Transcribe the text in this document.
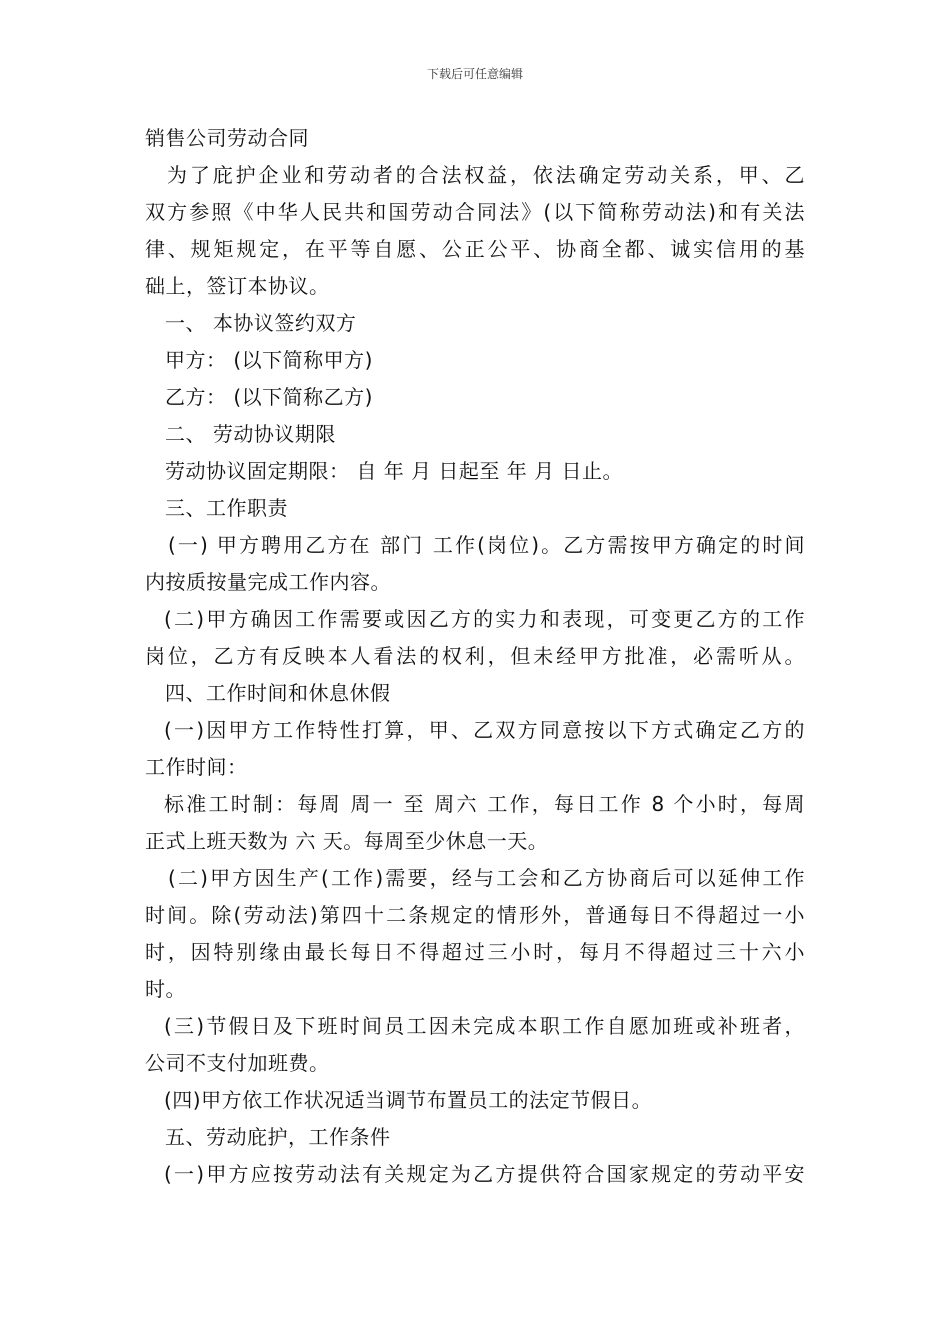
下载后可任意编辑
销售公司劳动合同
为了庇护企业和劳动者的合法权益，依法确定劳动关系，甲、乙
双方参照《中华人民共和国劳动合同法》(以下简称劳动法)和有关法
律、规矩规定，在平等自愿、公正公平、协商全都、诚实信用的基
础上，签订本协议。
一、 本协议签约双方
甲方： (以下简称甲方)
乙方： (以下简称乙方)
二、 劳动协议期限
劳动协议固定期限： 自 年 月 日起至 年 月 日止。
三、工作职责
(一) 甲方聘用乙方在 部门 工作(岗位)。乙方需按甲方确定的时间
内按质按量完成工作内容。
(二)甲方确因工作需要或因乙方的实力和表现，可变更乙方的工作
岗位，乙方有反映本人看法的权利，但未经甲方批准，必需听从。
四、工作时间和休息休假
(一)因甲方工作特性打算，甲、乙双方同意按以下方式确定乙方的
工作时间：
标准工时制：每周 周一 至 周六 工作，每日工作 8 个小时，每周
正式上班天数为 六 天。每周至少休息一天。
(二)甲方因生产(工作)需要，经与工会和乙方协商后可以延伸工作
时间。除(劳动法)第四十二条规定的情形外，普通每日不得超过一小
时，因特别缘由最长每日不得超过三小时，每月不得超过三十六小
时。
(三)节假日及下班时间员工因未完成本职工作自愿加班或补班者，
公司不支付加班费。
(四)甲方依工作状况适当调节布置员工的法定节假日。
五、劳动庇护，工作条件
(一)甲方应按劳动法有关规定为乙方提供符合国家规定的劳动平安
